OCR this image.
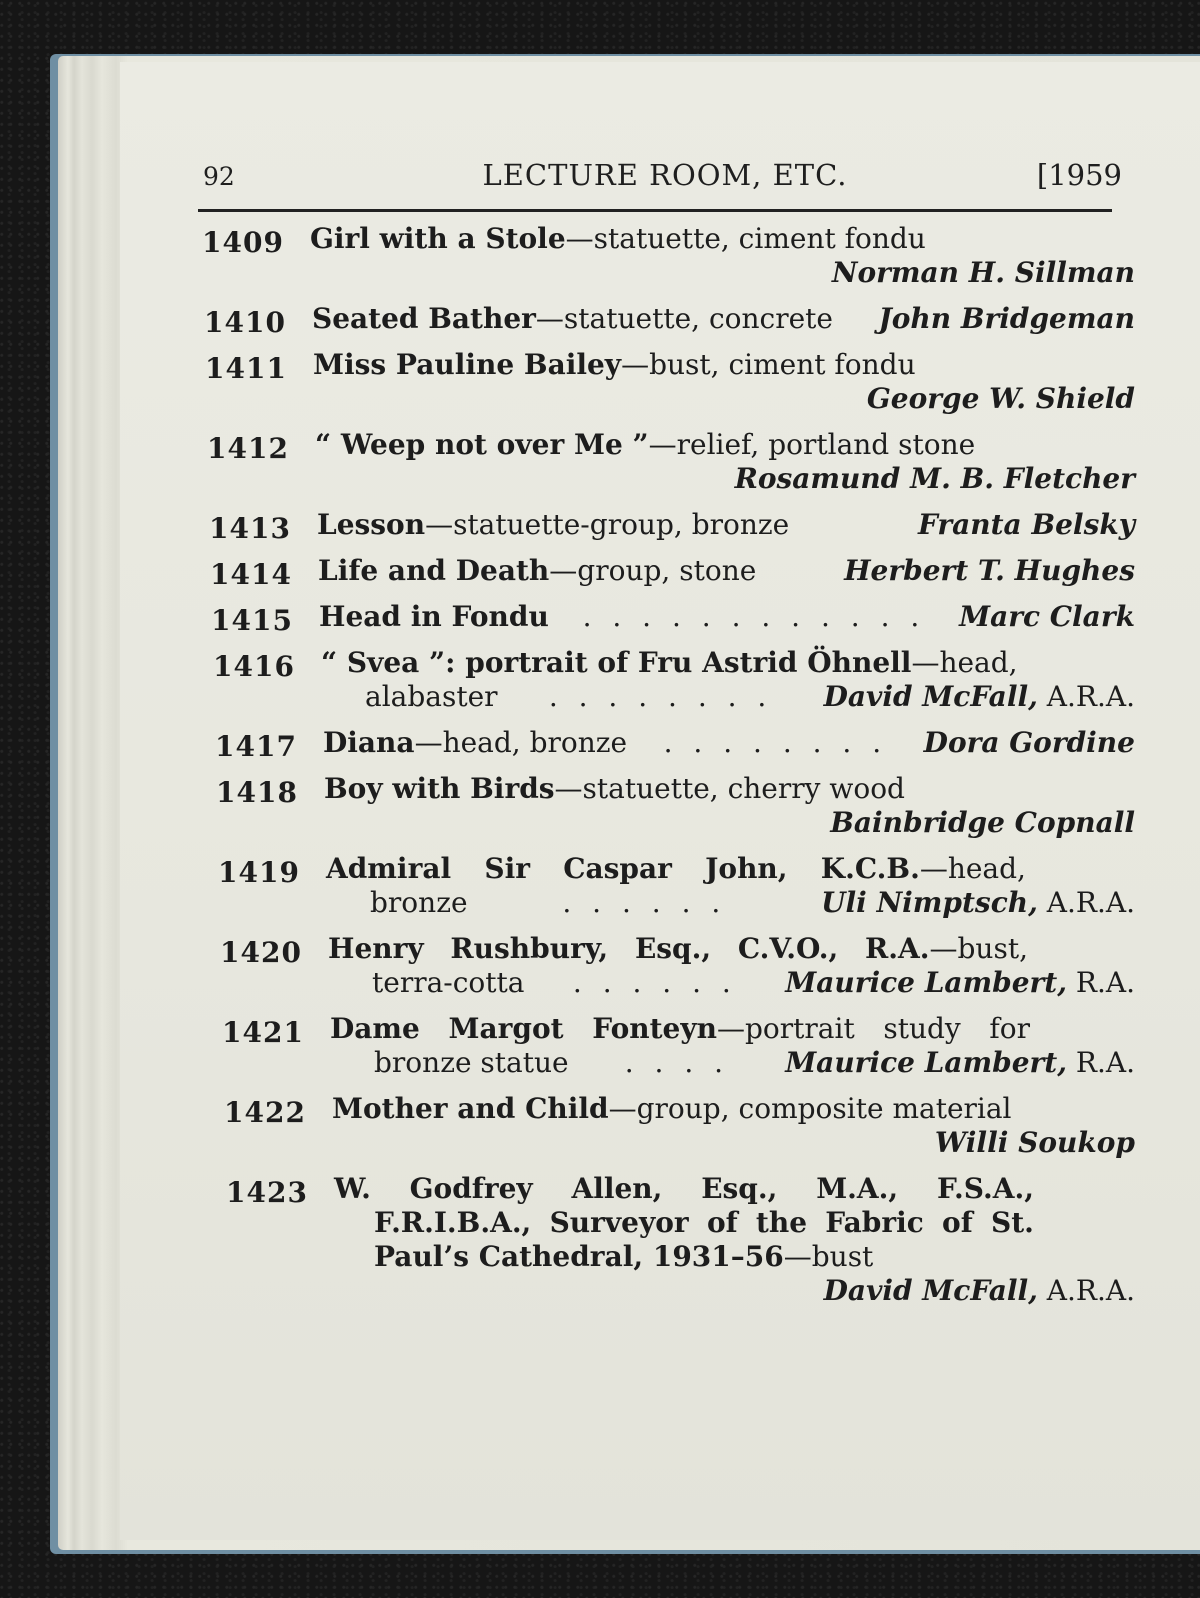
92	LECTURE ROOM, ETC.	[1959
1409 Girl with a Stole—statuette, ciment fondu
Norman H. Sillman
1410 Seated Bather—statuette, concrete John Bridgeman
1411 Miss Pauline Bailey—bust, ciment fondu
George W. Shield
1412 “ Weep not over Me ”—relief, portland stone
Rosamund M. B. Fletcher
1413 Lesson—statuette-group, bronze	Franta Belsky
1414 Life and Death—group, stone	Herbert T. Hughes
1415 Head in Fondu . . . . . . . . . . . . Marc Clark
1416 “ Svea ”: portrait of Fru Astrid Öhnell—head,
alabaster . . . . . . . . David McFall, A.R.A.
1417 Diana—head, bronze . . . . . . . . Dora Gordine
1418 Boy with Birds—statuette, cherry wood
Bainbridge Copnall
1419 Admiral Sir Caspar John, K.C.B.—head,
bronze	. . . . . .	Uli Nimptsch, A.R.A.
1420 Henry Rushbury, Esq., C.V.O., R.A.—bust,
terra-cotta . . . . . . Maurice Lambert, R.A.
1421 Dame Margot Fonteyn—portrait study for
bronze statue . . . . Maurice Lambert, R.A.
1422 Mother and Child—group, composite material
Willi Soukop
1423 W. Godfrey Allen, Esq., M.A., F.S.A.,
F.R.I.B.A., Surveyor of the Fabric of St.
Paul’s Cathedral, 1931–56—bust
David McFall, A.R.A.
